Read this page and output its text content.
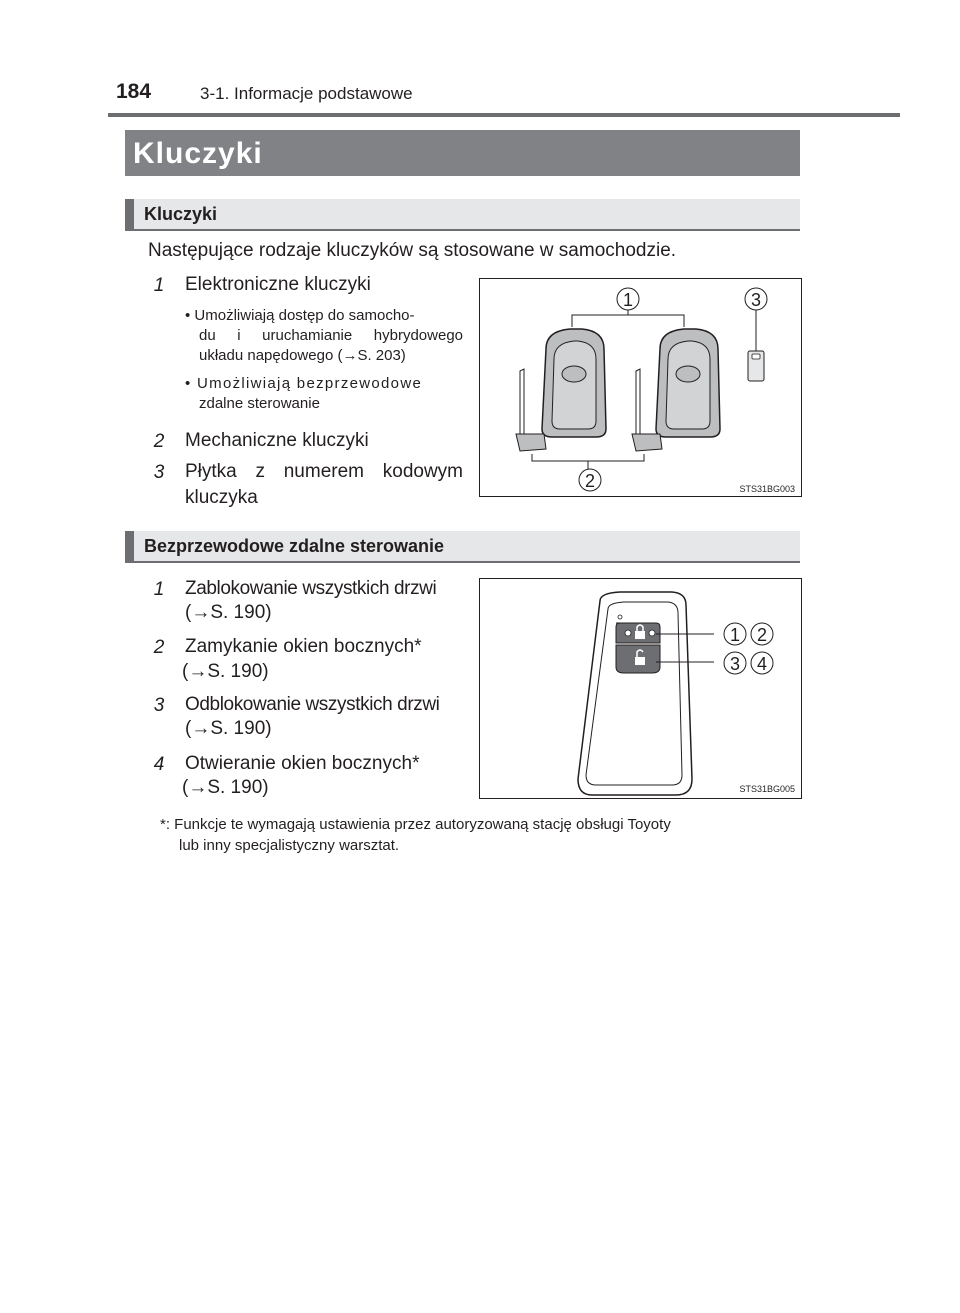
184	3-1. Informacje podstawowe
Kluczyki
Kluczyki
Następujące rodzaje kluczyków są stosowane w samochodzie.
1 Elektroniczne kluczyki
• Umożliwiają dostęp do samocho-
du i uruchamianie hybrydowego
układu napędowego (→S. 203)
• Umożliwiają bezprzewodowe
zdalne sterowanie
2 Mechaniczne kluczyki
3 Płytka z numerem kodowym
kluczyka
1	3
2	STS31BG003
Bezprzewodowe zdalne sterowanie
1 Zablokowanie wszystkich drzwi
(→S. 190)
2 Zamykanie okien bocznych*
(→S. 190)
3 Odblokowanie wszystkich drzwi
(→S. 190)
4 Otwieranie okien bocznych*
(→S. 190)
1 2
3 4
STS31BG005
*: Funkcje te wymagają ustawienia przez autoryzowaną stację obsługi Toyoty
lub inny specjalistyczny warsztat.
